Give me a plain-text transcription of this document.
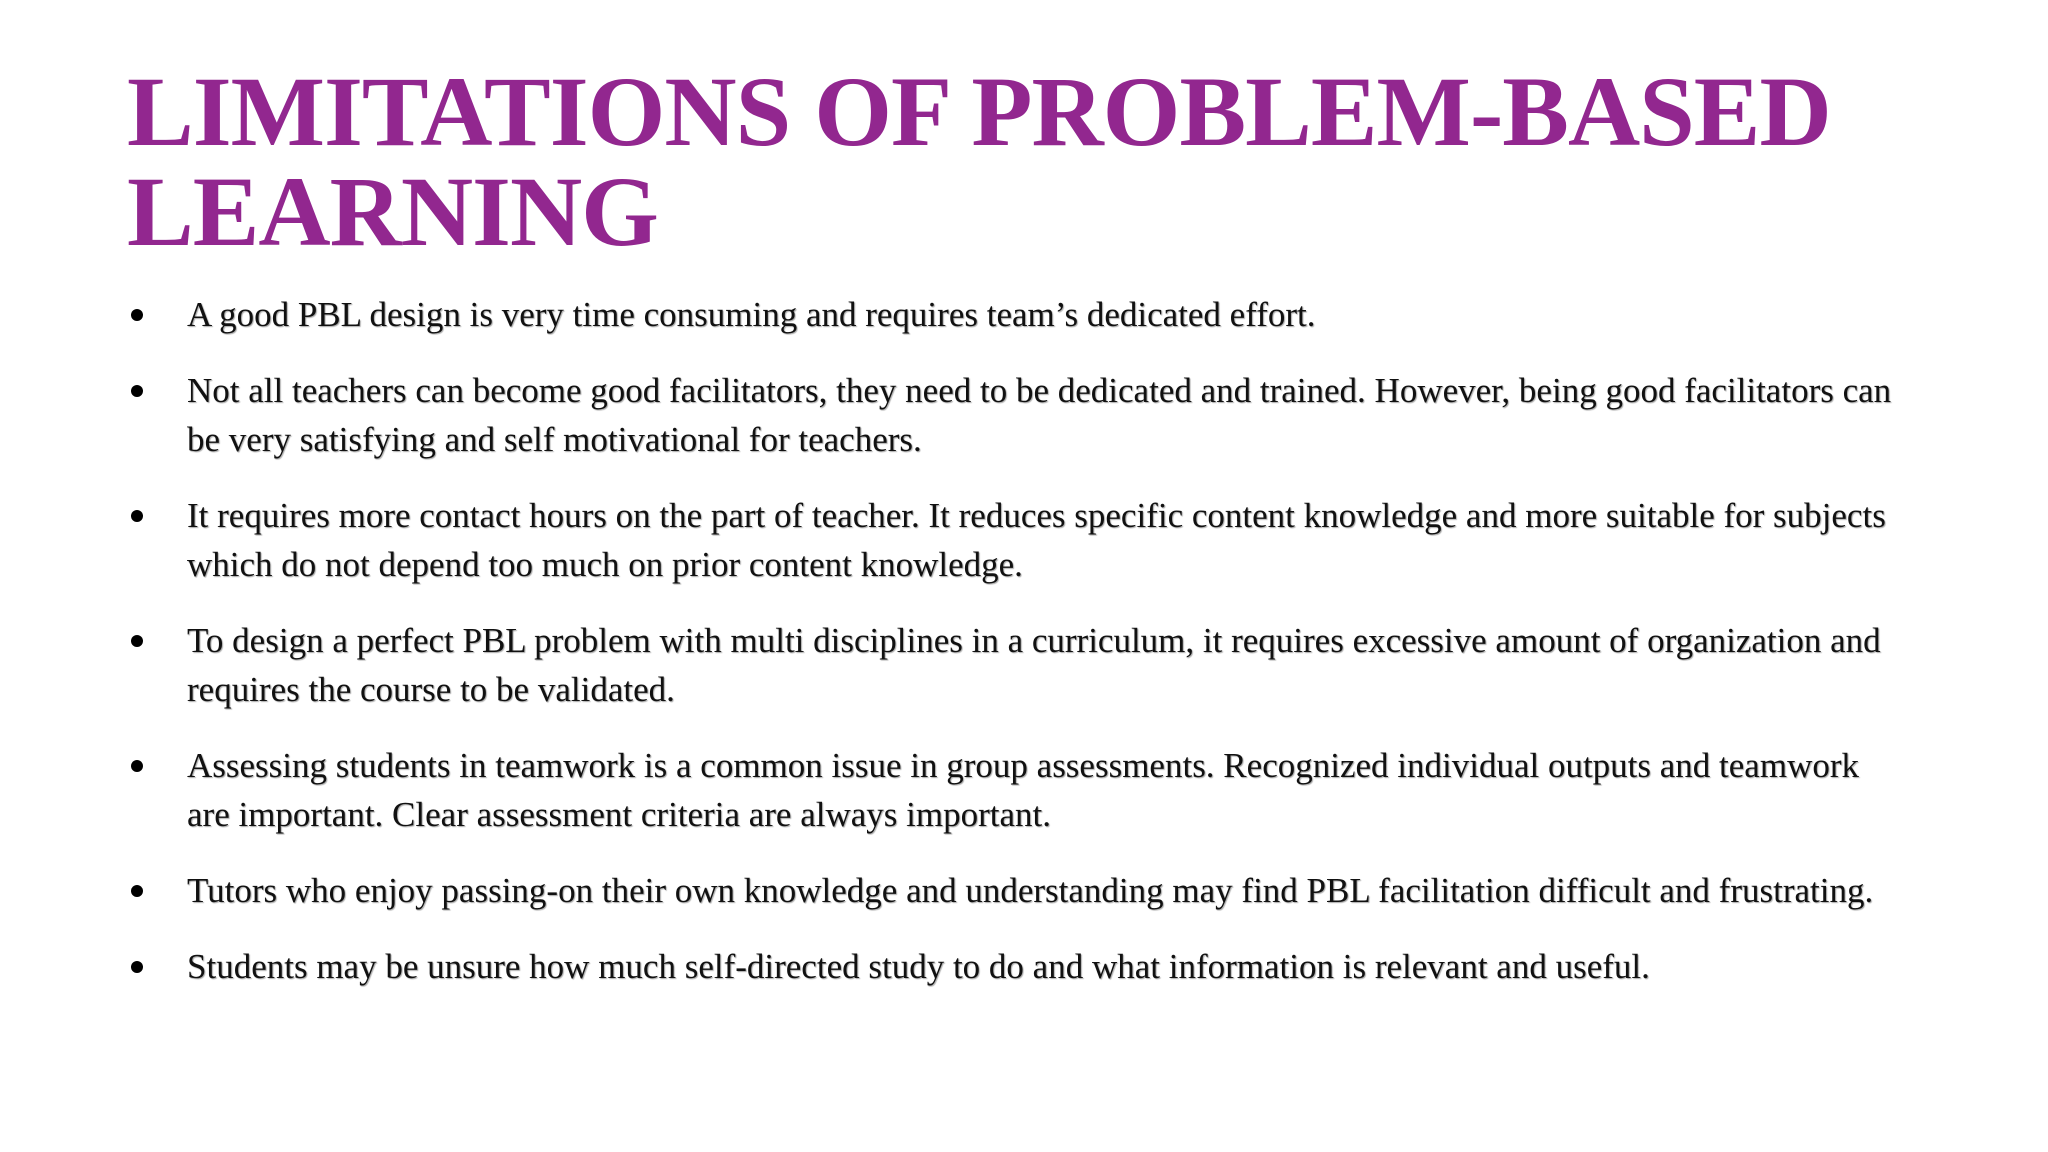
LIMITATIONS OF PROBLEM-BASED
LEARNING
A good PBL design is very time consuming and requires team’s dedicated effort.
Not all teachers can become good facilitators, they need to be dedicated and trained. However, being good facilitators can be very satisfying and self motivational for teachers.
It requires more contact hours on the part of teacher. It reduces specific content knowledge and more suitable for subjects which do not depend too much on prior content knowledge.
To design a perfect PBL problem with multi disciplines in a curriculum, it requires excessive amount of organization and requires the course to be validated.
Assessing students in teamwork is a common issue in group assessments. Recognized individual outputs and teamwork are important. Clear assessment criteria are always important.
Tutors who enjoy passing-on their own knowledge and understanding may find PBL facilitation difficult and frustrating.
Students may be unsure how much self-directed study to do and what information is relevant and useful.
